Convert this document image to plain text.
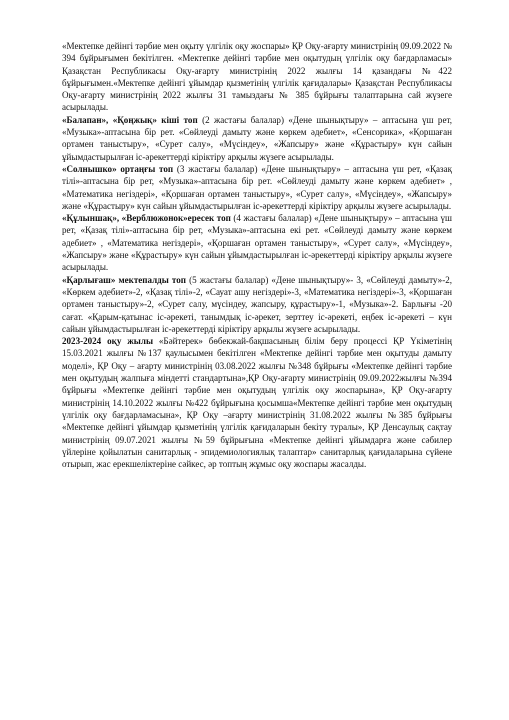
«Мектепке дейінгі тәрбие мен оқыту үлгілік оқу жоспары» ҚР Оқу-ағарту министрінің 09.09.2022 № 394 бұйрығымен бекітілген. «Мектепке дейінгі тәрбие мен оқытудың үлгілік оқу бағдарламасы» Қазақстан Республикасы Оқу-ағарту министрінің 2022 жылғы 14 қазандағы №422 бұйрығымен.«Мектепке дейінгі ұйымдар қызметінің үлгілік қағидалары» Қазақстан Республикасы Оқу-ағарту министрінің 2022 жылғы 31 тамыздағы № 385 бұйрығы талаптарына сай жүзеге асырылады.

«Балапан», «Қоңжық» кіші топ (2 жастағы балалар) «Дене шынықтыру» – аптасына үш рет, «Музыка»-аптасына бір рет. «Сөйлеуді дамыту және көркем әдебиет», «Сенсорика», «Қоршаған ортамен таныстыру», «Сурет салу», «Мүсіндеу», «Жапсыру» және «Құрастыру» күн сайын ұйымдастырылған іс-әрекеттерді кіріктіру арқылы жүзеге асырылады.

«Солнышко» ортаңғы топ (3 жастағы балалар) «Дене шынықтыру» – аптасына үш рет, «Қазақ тілі»-аптасына бір рет, «Музыка»-аптасына бір рет. «Сөйлеуді дамыту және көркем әдебиет» , «Математика негіздері», «Қоршаған ортамен таныстыру», «Сурет салу», «Мүсіндеу», «Жапсыру» және «Құрастыру» күн сайын ұйымдастырылған іс-әрекеттерді кіріктіру арқылы жүзеге асырылады.

«Құлыншақ», «Верблюжонок»ересек топ (4 жастағы балалар) «Дене шынықтыру» – аптасына үш рет, «Қазақ тілі»-аптасына бір рет, «Музыка»-аптасына екі рет. «Сөйлеуді дамыту және көркем әдебиет» , «Математика негіздері», «Қоршаған ортамен таныстыру», «Сурет салу», «Мүсіндеу», «Жапсыру» және «Құрастыру» күн сайын ұйымдастырылған іс-әрекеттерді кіріктіру арқылы жүзеге асырылады.

«Қарлығаш» мектепалды топ (5 жастағы балалар) «Дене шынықтыру»- 3, «Сөйлеуді дамыту»-2, «Көркем әдебиет»-2, «Қазақ тілі»-2, «Сауат ашу негіздері»-3, «Математика негіздері»-3, «Қоршаған ортамен таныстыру»-2, «Сурет салу, мүсіндеу, жапсыру, құрастыру»-1, «Музыка»-2. Барлығы -20 сағат. «Қарым-қатынас іс-әрекеті, танымдық іс-әрекет, зерттеу іс-әрекеті, еңбек іс-әрекеті – күн сайын ұйымдастырылған іс-әрекеттерді кіріктіру арқылы жүзеге асырылады.

2023-2024 оқу жылы «Бәйтерек» бөбекжай-бақшасының білім беру процессі ҚР Үкіметінің 15.03.2021 жылғы №137 қаулысымен бекітілген «Мектепке дейінгі тәрбие мен оқытуды дамыту моделі», ҚР Оқу – ағарту министрінің 03.08.2022 жылғы №348 бұйрығы «Мектепке дейінгі тәрбие мен оқытудың жалпыға міндетті стандартына»,ҚР Оқу-ағарту министрінің 09.09.2022жылғы №394 бұйрығы «Мектепке дейінгі тәрбие мен оқытудың үлгілік оқу жоспарына», ҚР Оқу-ағарту министрінің 14.10.2022 жылғы №422 бұйрығына қосымша«Мектепке дейінгі тәрбие мен оқытудың үлгілік оқу бағдарламасына», ҚР Оқу –ағарту министрінің 31.08.2022 жылғы №385 бұйрығы «Мектепке дейінгі ұйымдар қызметінің үлгілік қағидаларын бекіту туралы», ҚР Денсаулық сақтау министрінің 09.07.2021 жылғы №59 бұйрығына «Мектепке дейінгі ұйымдарға және сәбилер үйлеріне қойылатын санитарлық - эпидемиологиялық талаптар» санитарлық қағидаларына сүйене отырып, жас ерекшеліктеріне сәйкес, әр топтың жұмыс оқу жоспары жасалды.
